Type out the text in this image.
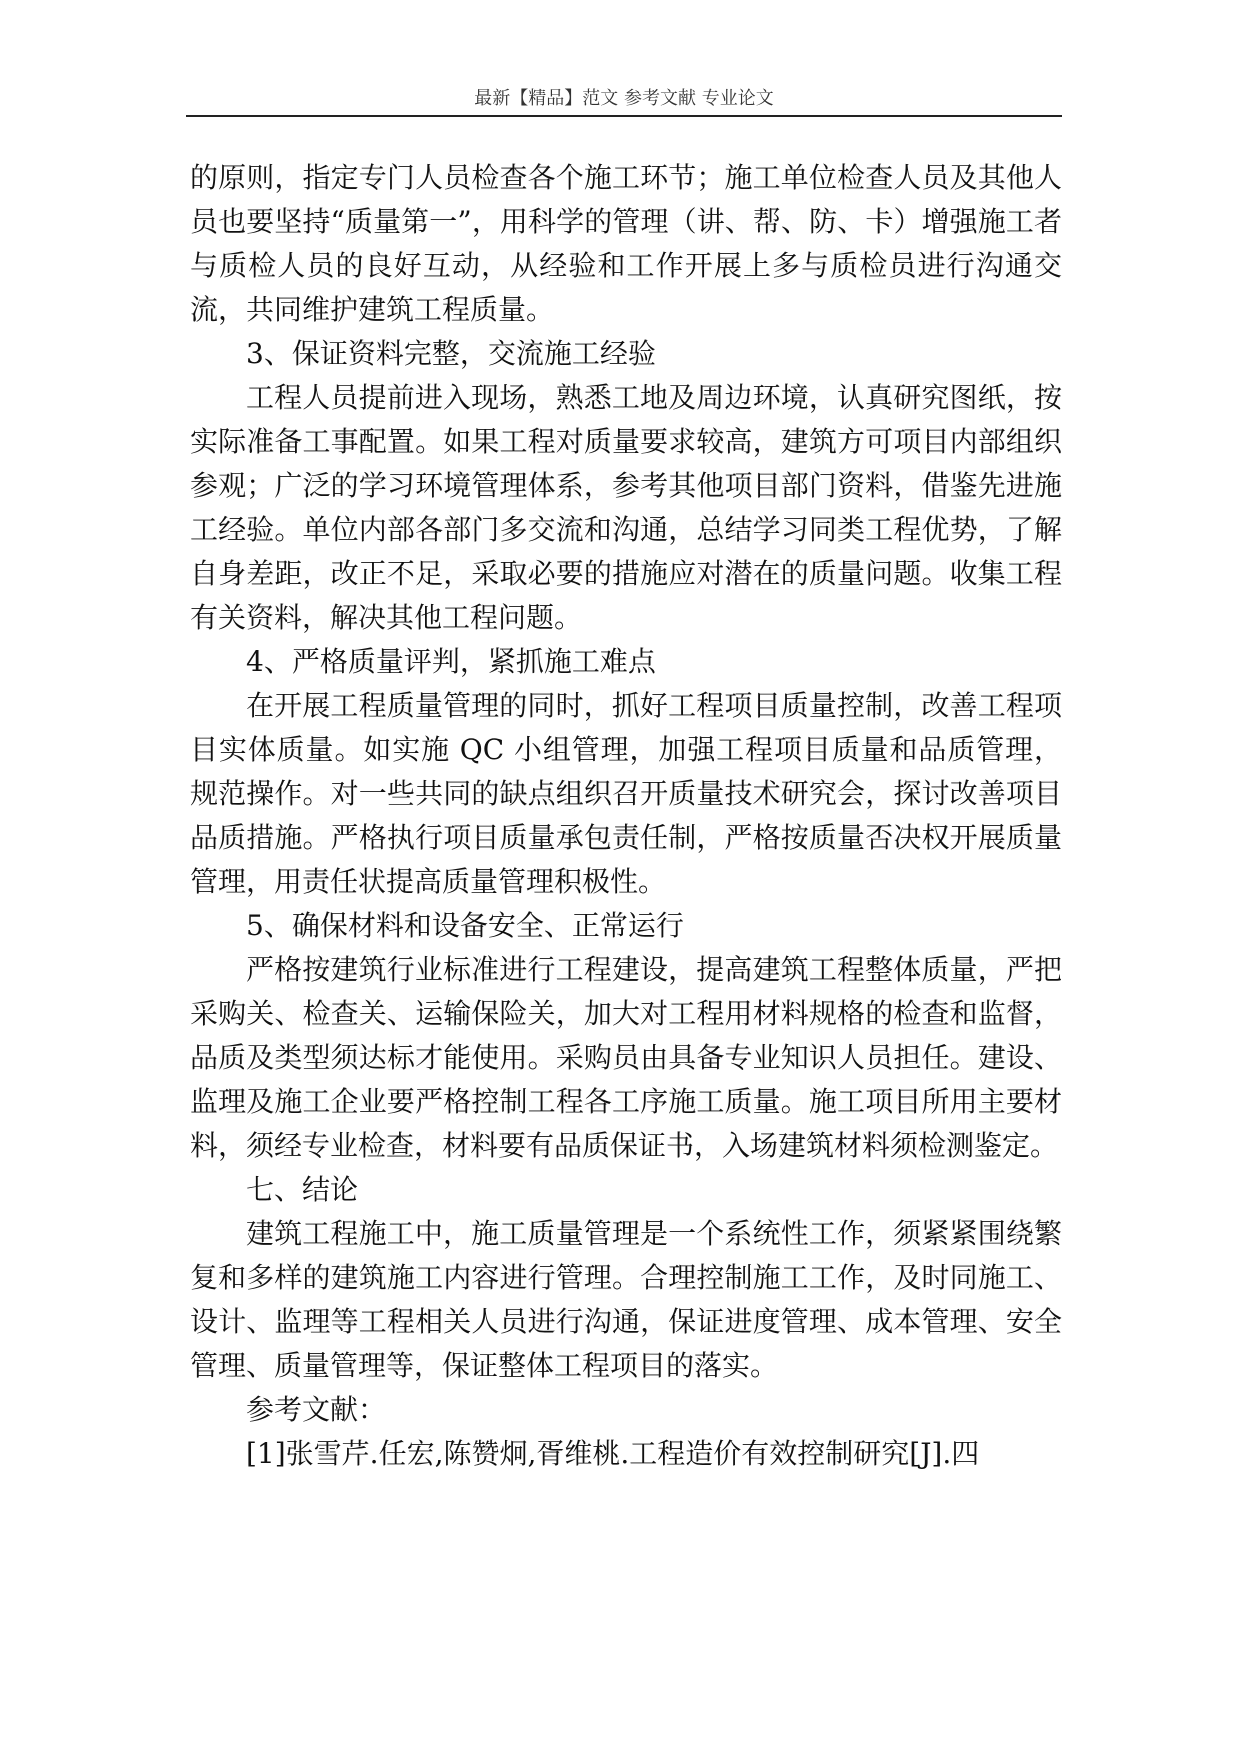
最新【精品】范文 参考文献 专业论文

的原则，指定专门人员检查各个施工环节；施工单位检查人员及其他人员也要坚持“质量第一”，用科学的管理（讲、帮、防、卡）增强施工者与质检人员的良好互动，从经验和工作开展上多与质检员进行沟通交流，共同维护建筑工程质量。

3、保证资料完整，交流施工经验

工程人员提前进入现场，熟悉工地及周边环境，认真研究图纸，按实际准备工事配置。如果工程对质量要求较高，建筑方可项目内部组织参观；广泛的学习环境管理体系，参考其他项目部门资料，借鉴先进施工经验。单位内部各部门多交流和沟通，总结学习同类工程优势，了解自身差距，改正不足，采取必要的措施应对潜在的质量问题。收集工程有关资料，解决其他工程问题。

4、严格质量评判，紧抓施工难点

在开展工程质量管理的同时，抓好工程项目质量控制，改善工程项目实体质量。如实施 QC 小组管理，加强工程项目质量和品质管理，规范操作。对一些共同的缺点组织召开质量技术研究会，探讨改善项目品质措施。严格执行项目质量承包责任制，严格按质量否决权开展质量管理，用责任状提高质量管理积极性。

5、确保材料和设备安全、正常运行

严格按建筑行业标准进行工程建设，提高建筑工程整体质量，严把采购关、检查关、运输保险关，加大对工程用材料规格的检查和监督，品质及类型须达标才能使用。采购员由具备专业知识人员担任。建设、监理及施工企业要严格控制工程各工序施工质量。施工项目所用主要材料，须经专业检查，材料要有品质保证书，入场建筑材料须检测鉴定。

七、结论

建筑工程施工中，施工质量管理是一个系统性工作，须紧紧围绕繁复和多样的建筑施工内容进行管理。合理控制施工工作，及时同施工、设计、监理等工程相关人员进行沟通，保证进度管理、成本管理、安全管理、质量管理等，保证整体工程项目的落实。

参考文献：

[1]张雪芹.任宏,陈赞炯,胥维桃.工程造价有效控制研究[J].四
